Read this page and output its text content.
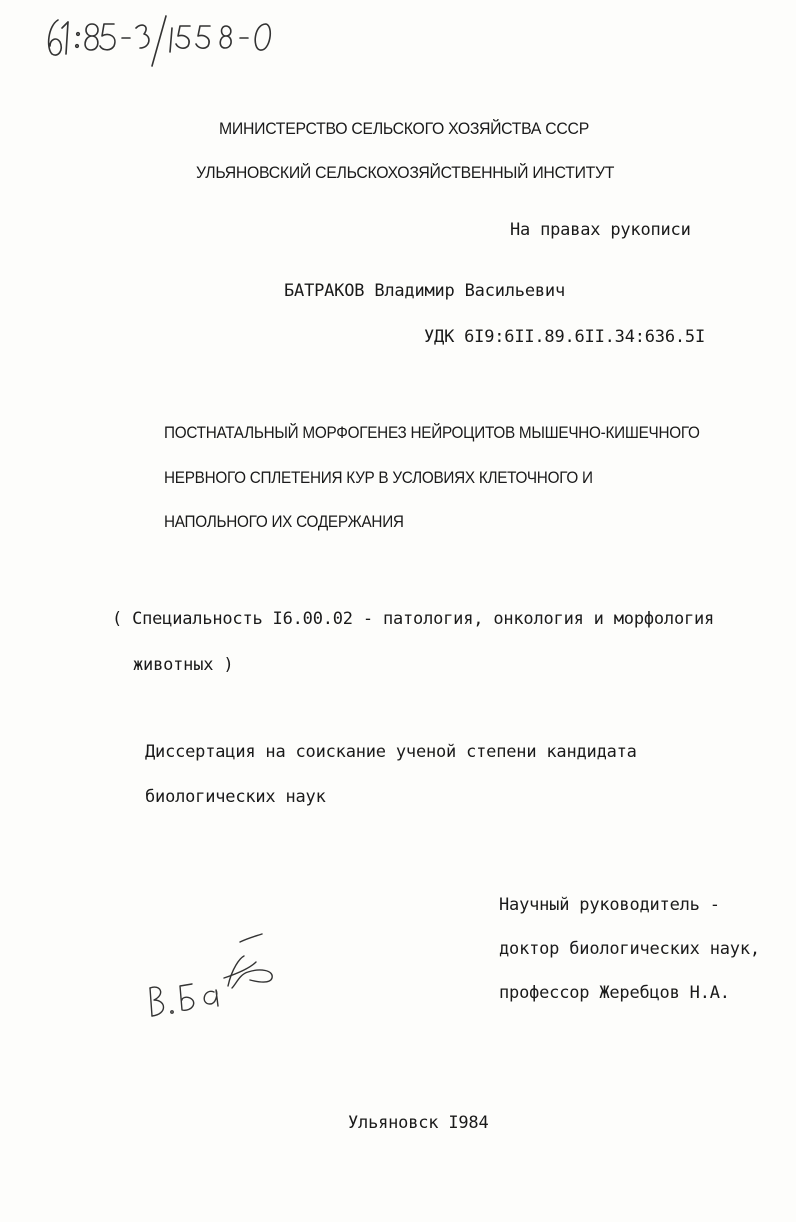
61:85-3/1558-0
МИНИСТЕРСТВО СЕЛЬСКОГО ХОЗЯЙСТВА СССР
УЛЬЯНОВСКИЙ СЕЛЬСКОХОЗЯЙСТВЕННЫЙ ИНСТИТУТ
На правах рукописи
БАТРАКОВ Владимир Васильевич
УДК 6I9:6II.89.6II.34:636.5I
ПОСТНАТАЛЬНЫЙ МОРФОГЕНЕЗ НЕЙРОЦИТОВ МЫШЕЧНО-КИШЕЧНОГО
НЕРВНОГО СПЛЕТЕНИЯ КУР В УСЛОВИЯХ КЛЕТОЧНОГО И
НАПОЛЬНОГО ИХ СОДЕРЖАНИЯ
( Специальность I6.00.02 - патология, онкология и морфология
животных )
Диссертация на соискание ученой степени кандидата
биологических наук
Научный руководитель -
доктор биологических наук,
профессор Жеребцов Н.А.
В.Бат
Ульяновск I984
